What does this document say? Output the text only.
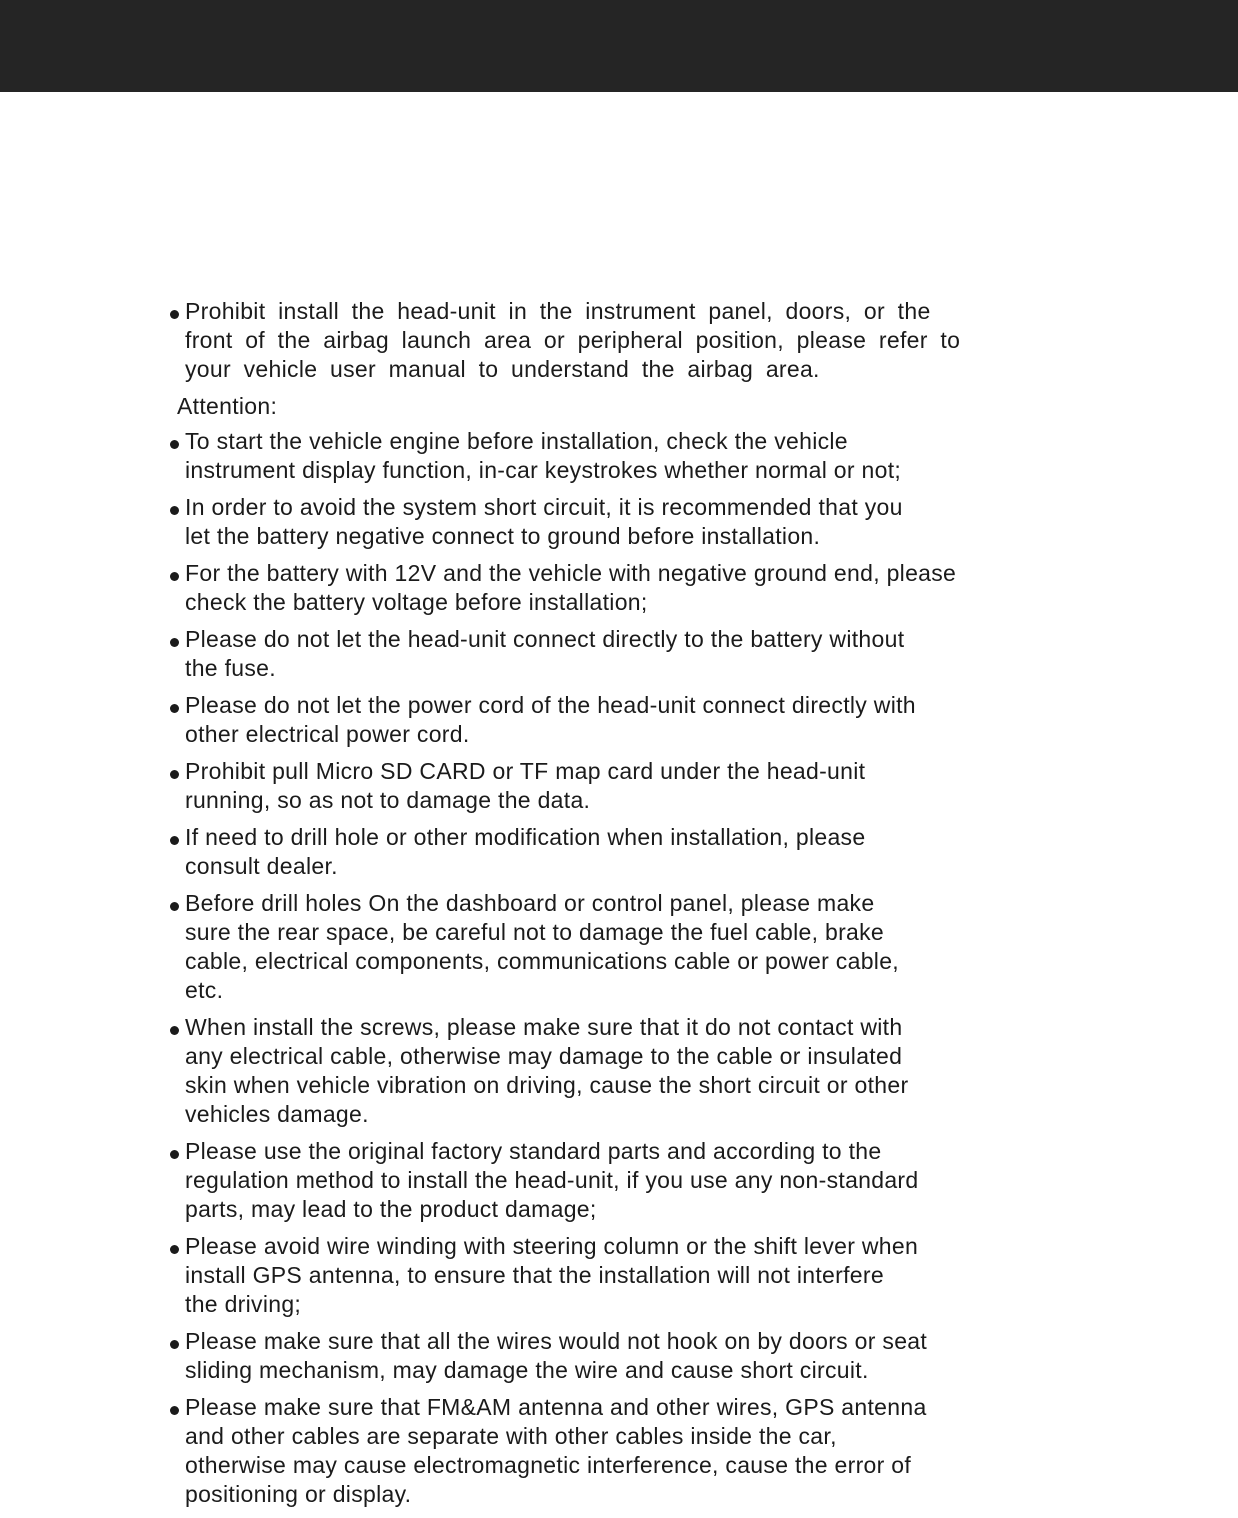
Prohibit install the head-unit in the instrument panel, doors, or the
front of the airbag launch area or peripheral position, please refer to
your vehicle user manual to understand the airbag area.
Attention:
To start the vehicle engine before installation, check the vehicle
instrument display function, in-car keystrokes whether normal or not;
In order to avoid the system short circuit, it is recommended that you
let the battery negative connect to ground before installation.
For the battery with 12V and the vehicle with negative ground end, please
check the battery voltage before installation;
Please do not let the head-unit connect directly to the battery without
the fuse.
Please do not let the power cord of the head-unit connect directly with
other electrical power cord.
Prohibit pull Micro SD CARD or TF map card under the head-unit
running, so as not to damage the data.
If need to drill hole or other modification when installation, please
consult dealer.
Before drill holes On the dashboard or control panel, please make
sure the rear space, be careful not to damage the fuel cable, brake
cable, electrical components, communications cable or power cable,
etc.
When install the screws, please make sure that it do not contact with
any electrical cable, otherwise may damage to the cable or insulated
skin when vehicle vibration on driving, cause the short circuit or other
vehicles damage.
Please use the original factory standard parts and according to the
regulation method to install the head-unit, if you use any non-standard
parts, may lead to the product damage;
Please avoid wire winding with steering column or the shift lever when
install GPS antenna, to ensure that the installation will not interfere
the driving;
Please make sure that all the wires would not hook on by doors or seat
sliding mechanism, may damage the wire and cause short circuit.
Please make sure that FM&AM antenna and other wires, GPS antenna
and other cables are separate with other cables inside the car,
otherwise may cause electromagnetic interference, cause the error of
positioning or display.
